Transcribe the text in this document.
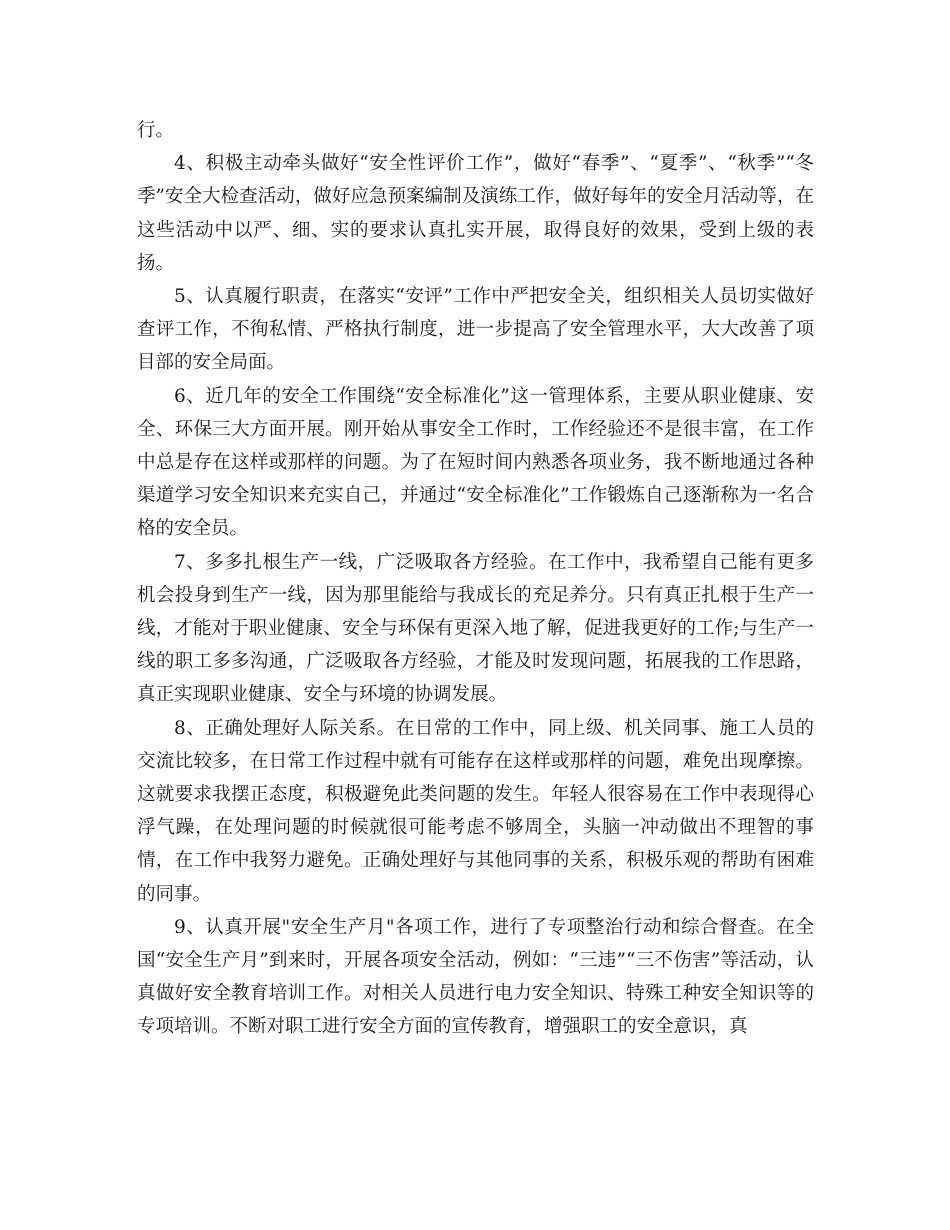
行。

4、积极主动牵头做好“安全性评价工作”，做好“春季”、“夏季”、“秋季”“冬季”安全大检查活动，做好应急预案编制及演练工作，做好每年的安全月活动等，在这些活动中以严、细、实的要求认真扎实开展，取得良好的效果，受到上级的表扬。

5、认真履行职责，在落实“安评”工作中严把安全关，组织相关人员切实做好查评工作，不徇私情、严格执行制度，进一步提高了安全管理水平，大大改善了项目部的安全局面。

6、近几年的安全工作围绕“安全标准化”这一管理体系，主要从职业健康、安全、环保三大方面开展。刚开始从事安全工作时，工作经验还不是很丰富，在工作中总是存在这样或那样的问题。为了在短时间内熟悉各项业务，我不断地通过各种渠道学习安全知识来充实自己，并通过“安全标准化”工作锻炼自己逐渐称为一名合格的安全员。

7、多多扎根生产一线，广泛吸取各方经验。在工作中，我希望自己能有更多机会投身到生产一线，因为那里能给与我成长的充足养分。只有真正扎根于生产一线，才能对于职业健康、安全与环保有更深入地了解，促进我更好的工作;与生产一线的职工多多沟通，广泛吸取各方经验，才能及时发现问题，拓展我的工作思路，真正实现职业健康、安全与环境的协调发展。

8、正确处理好人际关系。在日常的工作中，同上级、机关同事、施工人员的交流比较多，在日常工作过程中就有可能存在这样或那样的问题，难免出现摩擦。这就要求我摆正态度，积极避免此类问题的发生。年轻人很容易在工作中表现得心浮气躁，在处理问题的时候就很可能考虑不够周全，头脑一冲动做出不理智的事情，在工作中我努力避免。正确处理好与其他同事的关系，积极乐观的帮助有困难的同事。

9、认真开展"安全生产月"各项工作，进行了专项整治行动和综合督查。在全国“安全生产月”到来时，开展各项安全活动，例如：“三违”“三不伤害”等活动，认真做好安全教育培训工作。对相关人员进行电力安全知识、特殊工种安全知识等的专项培训。不断对职工进行安全方面的宣传教育，增强职工的安全意识，真
